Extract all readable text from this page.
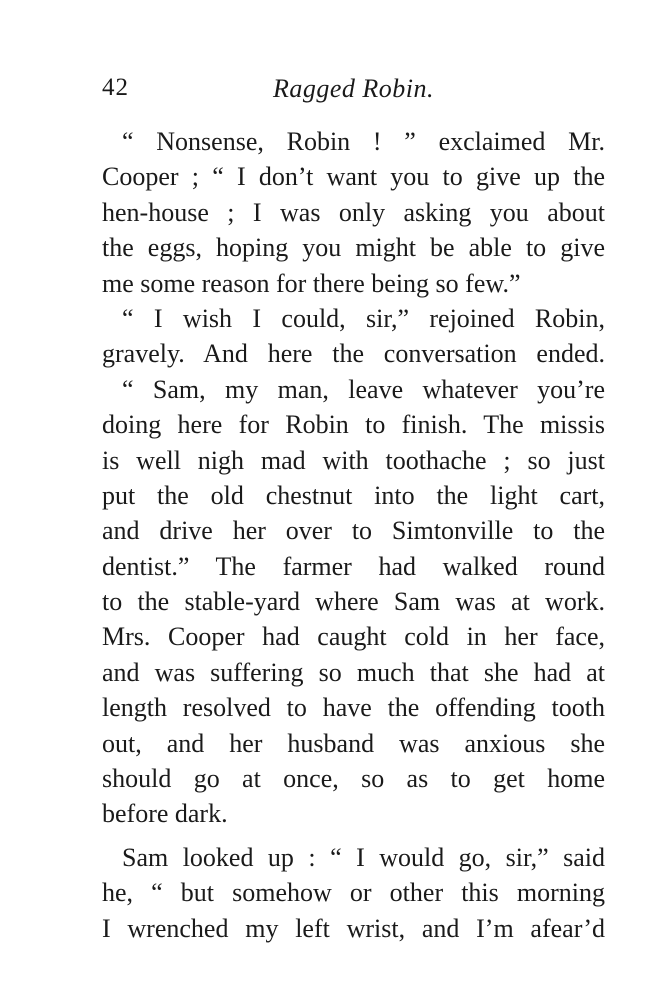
42	Ragged Robin.
“ Nonsense, Robin ! ” exclaimed Mr.
Cooper ; “ I don’t want you to give up the
hen-house ; I was only asking you about
the eggs, hoping you might be able to give
me some reason for there being so few.”
“ I wish I could, sir,” rejoined Robin,
gravely. And here the conversation ended.
“ Sam, my man, leave whatever you’re
doing here for Robin to finish. The missis
is well nigh mad with toothache ; so just
put the old chestnut into the light cart,
and drive her over to Simtonville to the
dentist.” The farmer had walked round
to the stable-yard where Sam was at work.
Mrs. Cooper had caught cold in her face,
and was suffering so much that she had at
length resolved to have the offending tooth
out, and her husband was anxious she
should go at once, so as to get home
before dark.
Sam looked up : “ I would go, sir,” said
he, “ but somehow or other this morning
I wrenched my left wrist, and I’m afear’d
